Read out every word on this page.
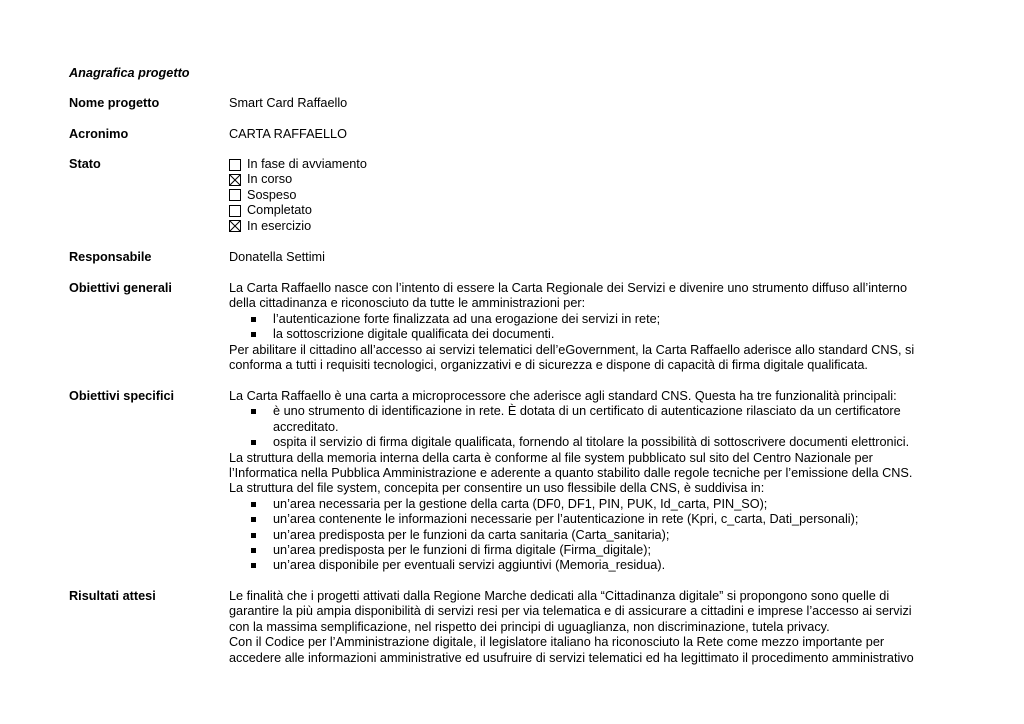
Anagrafica progetto
Nome progetto	Smart Card Raffaello

Acronimo	CARTA RAFFAELLO

Stato	In fase di avviamento
In corso
Sospeso
Completato
In esercizio
Responsabile	Donatella Settimi

Obiettivi generali	La Carta Raffaello nasce con l’intento di essere la Carta Regionale dei Servizi e divenire uno strumento diffuso all’interno

della cittadinanza e riconosciuto da tutte le amministrazioni per:

l’autenticazione forte finalizzata ad una erogazione dei servizi in rete;
la sottoscrizione digitale qualificata dei documenti.

Per abilitare il cittadino all’accesso ai servizi telematici dell’eGovernment, la Carta Raffaello aderisce allo standard CNS, si

conforma a tutti i requisiti tecnologici, organizzativi e di sicurezza e dispone di capacità di firma digitale qualificata.

Obiettivi specifici	La Carta Raffaello è una carta a microprocessore che aderisce agli standard CNS. Questa ha tre funzionalità principali:

è uno strumento di identificazione in rete. È dotata di un certificato di autenticazione rilasciato da un certificatore
accreditato.
ospita il servizio di firma digitale qualificata, fornendo al titolare la possibilità di sottoscrivere documenti elettronici.

La struttura della memoria interna della carta è conforme al file system pubblicato sul sito del Centro Nazionale per

l’Informatica nella Pubblica Amministrazione e aderente a quanto stabilito dalle regole tecniche per l’emissione della CNS.

La struttura del file system, concepita per consentire un uso flessibile della CNS, è suddivisa in:

un’area necessaria per la gestione della carta (DF0, DF1, PIN, PUK, Id_carta, PIN_SO);
un’area contenente le informazioni necessarie per l’autenticazione in rete (Kpri, c_carta, Dati_personali);
un’area predisposta per le funzioni da carta sanitaria (Carta_sanitaria);
un’area predisposta per le funzioni di firma digitale (Firma_digitale);
un’area disponibile per eventuali servizi aggiuntivi (Memoria_residua).
Risultati attesi	Le finalità che i progetti attivati dalla Regione Marche dedicati alla “Cittadinanza digitale” si propongono sono quelle di

garantire la più ampia disponibilità di servizi resi per via telematica e di assicurare a cittadini e imprese l’accesso ai servizi

con la massima semplificazione, nel rispetto dei principi di uguaglianza, non discriminazione, tutela privacy.

Con il Codice per l’Amministrazione digitale, il legislatore italiano ha riconosciuto la Rete come mezzo importante per

accedere alle informazioni amministrative ed usufruire di servizi telematici ed ha legittimato il procedimento amministrativo
